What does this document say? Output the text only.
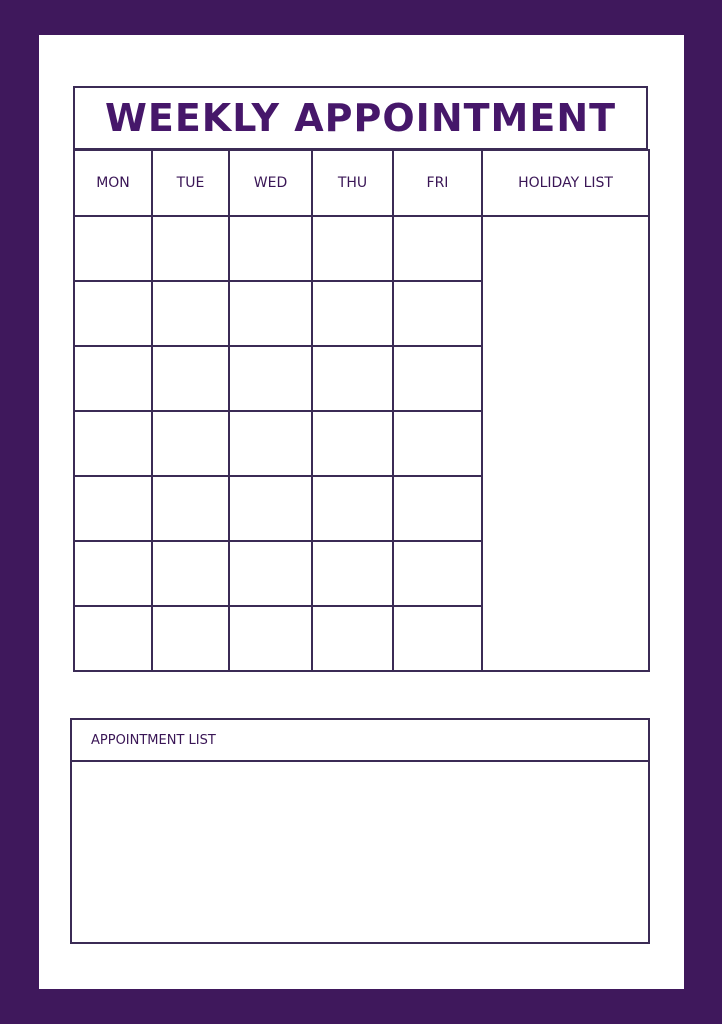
WEEKLY APPOINTMENT
MON	TUE	WED	THU	FRI	HOLIDAY LIST

APPOINTMENT LIST
